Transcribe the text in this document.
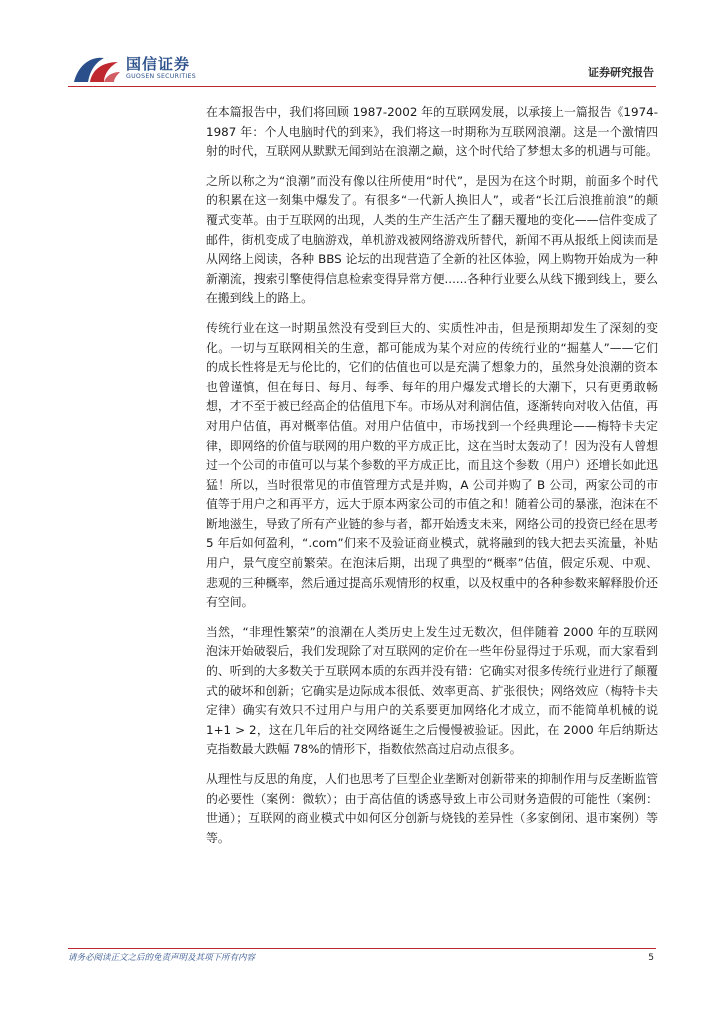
国信证券
GUOSEN SECURITIES	证券研究报告

在本篇报告中，我们将回顾 1987-2002 年的互联网发展，以承接上一篇报告《1974-1987 年：个人电脑时代的到来》，我们将这一时期称为互联网浪潮。这是一个激情四射的时代，互联网从默默无闻到站在浪潮之巅，这个时代给了梦想太多的机遇与可能。

之所以称之为“浪潮”而没有像以往所使用“时代”，是因为在这个时期，前面多个时代的积累在这一刻集中爆发了。有很多“一代新人换旧人”，或者“长江后浪推前浪”的颠覆式变革。由于互联网的出现，人类的生产生活产生了翻天覆地的变化——信件变成了邮件，街机变成了电脑游戏，单机游戏被网络游戏所替代，新闻不再从报纸上阅读而是从网络上阅读，各种 BBS 论坛的出现营造了全新的社区体验，网上购物开始成为一种新潮流，搜索引擎使得信息检索变得异常方便......各种行业要么从线下搬到线上，要么在搬到线上的路上。

传统行业在这一时期虽然没有受到巨大的、实质性冲击，但是预期却发生了深刻的变化。一切与互联网相关的生意，都可能成为某个对应的传统行业的“掘墓人”——它们的成长性将是无与伦比的，它们的估值也可以是充满了想象力的，虽然身处浪潮的资本也曾谨慎，但在每日、每月、每季、每年的用户爆发式增长的大潮下，只有更勇敢畅想，才不至于被已经高企的估值甩下车。市场从对利润估值，逐渐转向对收入估值，再对用户估值，再对概率估值。对用户估值中，市场找到一个经典理论——梅特卡夫定律，即网络的价值与联网的用户数的平方成正比，这在当时太轰动了！因为没有人曾想过一个公司的市值可以与某个参数的平方成正比，而且这个参数（用户）还增长如此迅猛！所以，当时很常见的市值管理方式是并购，A 公司并购了 B 公司，两家公司的市值等于用户之和再平方，远大于原本两家公司的市值之和！随着公司的暴涨，泡沫在不断地滋生，导致了所有产业链的参与者，都开始透支未来，网络公司的投资已经在思考 5 年后如何盈利，“.com”们来不及验证商业模式，就将融到的钱大把去买流量，补贴用户，景气度空前繁荣。在泡沫后期，出现了典型的“概率”估值，假定乐观、中观、悲观的三种概率，然后通过提高乐观情形的权重，以及权重中的各种参数来解释股价还有空间。

当然，“非理性繁荣”的浪潮在人类历史上发生过无数次，但伴随着 2000 年的互联网泡沫开始破裂后，我们发现除了对互联网的定价在一些年份显得过于乐观，而大家看到的、听到的大多数关于互联网本质的东西并没有错：它确实对很多传统行业进行了颠覆式的破坏和创新；它确实是边际成本很低、效率更高、扩张很快；网络效应（梅特卡夫定律）确实有效只不过用户与用户的关系要更加网络化才成立，而不能简单机械的说 1+1 > 2，这在几年后的社交网络诞生之后慢慢被验证。因此，在 2000 年后纳斯达克指数最大跌幅 78%的情形下，指数依然高过启动点很多。

从理性与反思的角度，人们也思考了巨型企业垄断对创新带来的抑制作用与反垄断监管的必要性（案例：微软）；由于高估值的诱惑导致上市公司财务造假的可能性（案例：世通）；互联网的商业模式中如何区分创新与烧钱的差异性（多家倒闭、退市案例）等等。

请务必阅读正文之后的免责声明及其项下所有内容	5
